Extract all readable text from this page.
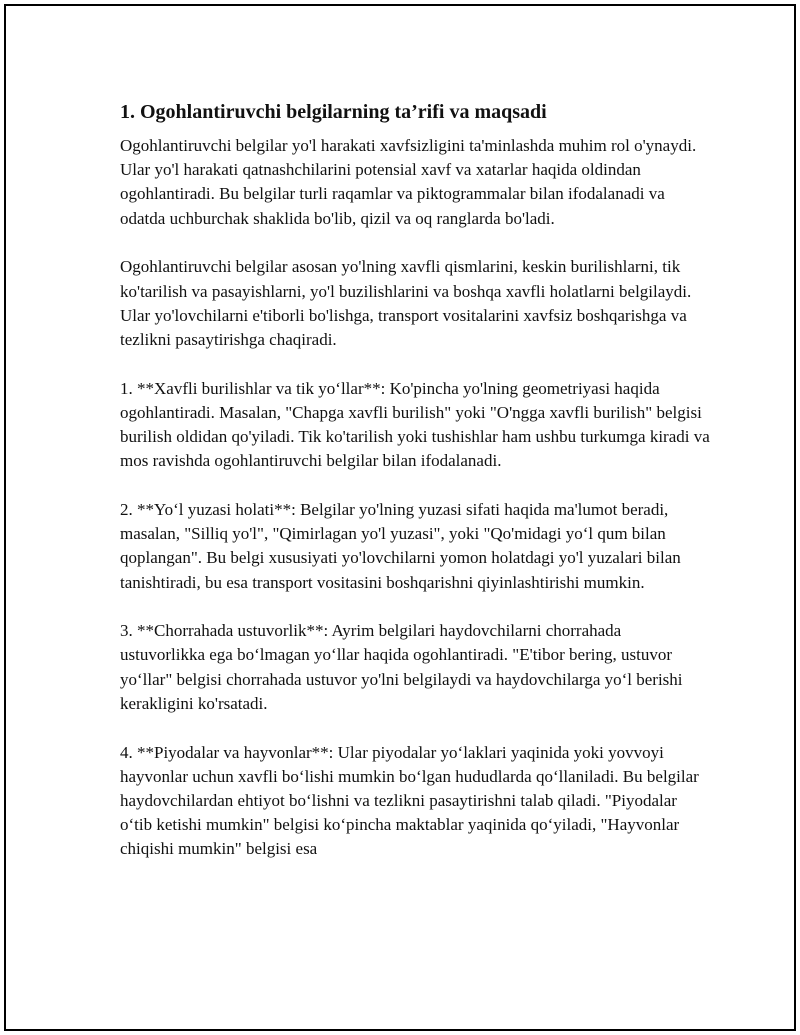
1. Ogohlantiruvchi belgilarning ta’rifi va maqsadi

Ogohlantiruvchi belgilar yo'l harakati xavfsizligini ta'minlashda muhim rol o'ynaydi. Ular yo'l harakati qatnashchilarini potensial xavf va xatarlar haqida oldindan ogohlantiradi. Bu belgilar turli raqamlar va piktogrammalar bilan ifodalanadi va odatda uchburchak shaklida bo'lib, qizil va oq ranglarda bo'ladi.

Ogohlantiruvchi belgilar asosan yo'lning xavfli qismlarini, keskin burilishlarni, tik ko'tarilish va pasayishlarni, yo'l buzilishlarini va boshqa xavfli holatlarni belgilaydi. Ular yo'lovchilarni e'tiborli bo'lishga, transport vositalarini xavfsiz boshqarishga va tezlikni pasaytirishga chaqiradi.

1. **Xavfli burilishlar va tik yo‘llar**: Ko'pincha yo'lning geometriyasi haqida ogohlantiradi. Masalan, "Chapga xavfli burilish" yoki "O'ngga xavfli burilish" belgisi burilish oldidan qo'yiladi. Tik ko'tarilish yoki tushishlar ham ushbu turkumga kiradi va mos ravishda ogohlantiruvchi belgilar bilan ifodalanadi.

2. **Yo‘l yuzasi holati**: Belgilar yo'lning yuzasi sifati haqida ma'lumot beradi, masalan, "Silliq yo'l", "Qimirlagan yo'l yuzasi", yoki "Qo'midagi yo‘l qum bilan qoplangan". Bu belgi xususiyati yo'lovchilarni yomon holatdagi yo'l yuzalari bilan tanishtiradi, bu esa transport vositasini boshqarishni qiyinlashtirishi mumkin.

3. **Chorrahada ustuvorlik**: Ayrim belgilari haydovchilarni chorrahada ustuvorlikka ega bo‘lmagan yo‘llar haqida ogohlantiradi. "E'tibor bering, ustuvor yo‘llar" belgisi chorrahada ustuvor yo'lni belgilaydi va haydovchilarga yo‘l berishi kerakligini ko'rsatadi.

4. **Piyodalar va hayvonlar**: Ular piyodalar yo‘laklari yaqinida yoki yovvoyi hayvonlar uchun xavfli bo‘lishi mumkin bo‘lgan hududlarda qo‘llaniladi. Bu belgilar haydovchilardan ehtiyot bo‘lishni va tezlikni pasaytirishni talab qiladi. "Piyodalar o‘tib ketishi mumkin" belgisi ko‘pincha maktablar yaqinida qo‘yiladi, "Hayvonlar chiqishi mumkin" belgisi esa
